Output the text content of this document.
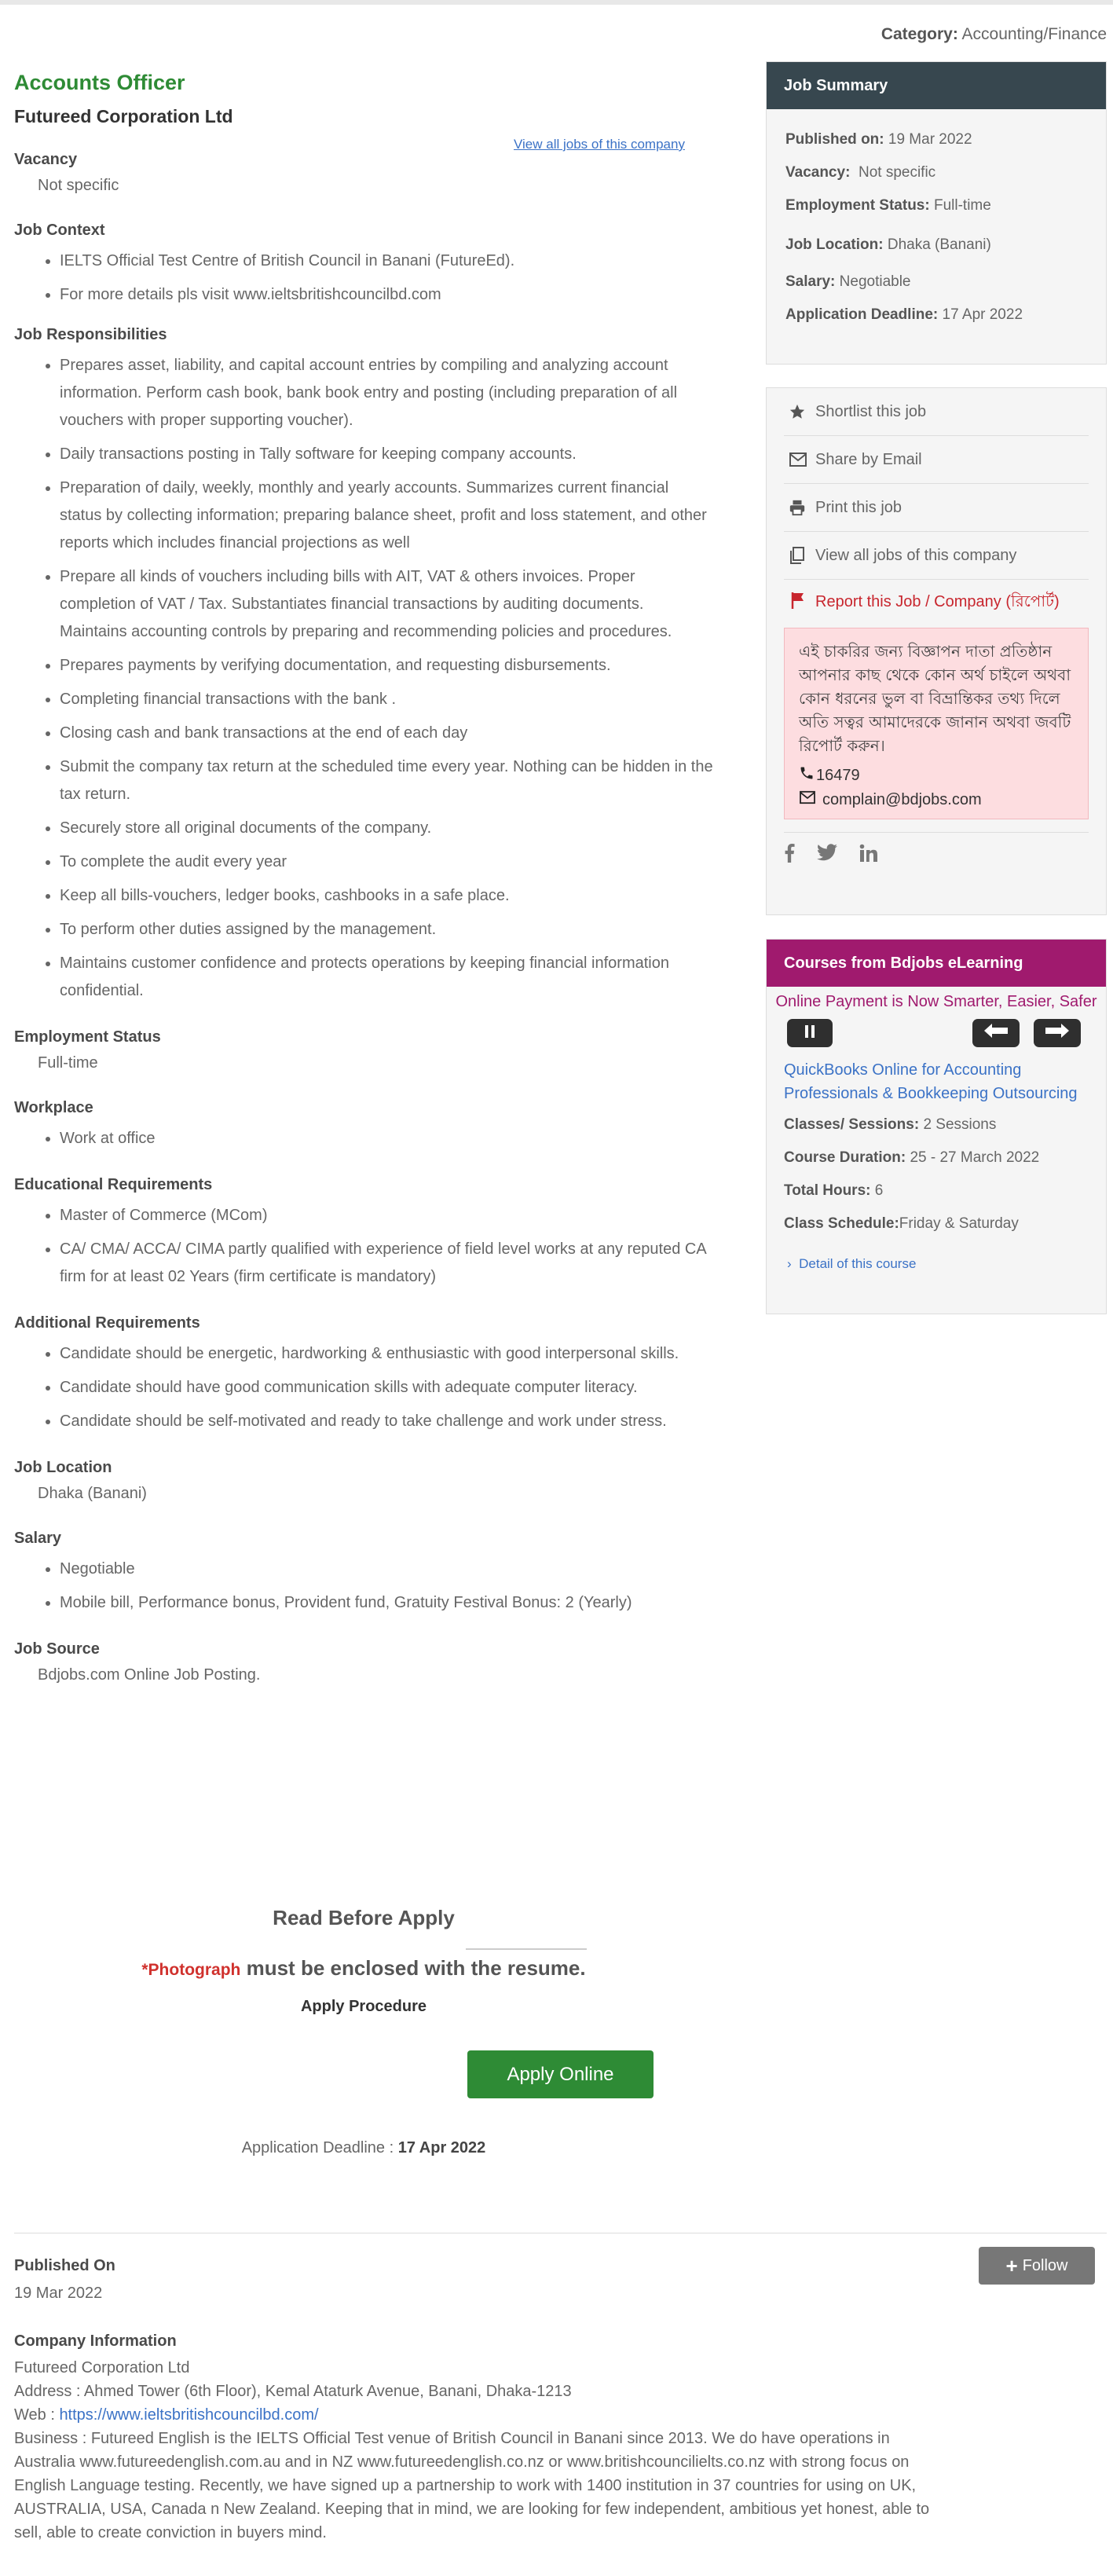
Category: Accounting/Finance
Accounts Officer
Futureed Corporation Ltd
View all jobs of this company
Vacancy
Not specific
Job Context
• IELTS Official Test Centre of British Council in Banani (FutureEd).
• For more details pls visit www.ieltsbritishcouncilbd.com
Job Responsibilities
• Prepares asset, liability, and capital account entries by compiling and analyzing account information. Perform cash book, bank book entry and posting (including preparation of all vouchers with proper supporting voucher).
• Daily transactions posting in Tally software for keeping company accounts.
• Preparation of daily, weekly, monthly and yearly accounts. Summarizes current financial status by collecting information; preparing balance sheet, profit and loss statement, and other reports which includes financial projections as well
• Prepare all kinds of vouchers including bills with AIT, VAT & others invoices. Proper completion of VAT / Tax. Substantiates financial transactions by auditing documents. Maintains accounting controls by preparing and recommending policies and procedures.
• Prepares payments by verifying documentation, and requesting disbursements.
• Completing financial transactions with the bank .
• Closing cash and bank transactions at the end of each day
• Submit the company tax return at the scheduled time every year. Nothing can be hidden in the tax return.
• Securely store all original documents of the company.
• To complete the audit every year
• Keep all bills-vouchers, ledger books, cashbooks in a safe place.
• To perform other duties assigned by the management.
• Maintains customer confidence and protects operations by keeping financial information confidential.
Employment Status
Full-time
Workplace
• Work at office
Educational Requirements
• Master of Commerce (MCom)
• CA/ CMA/ ACCA/ CIMA partly qualified with experience of field level works at any reputed CA firm for at least 02 Years (firm certificate is mandatory)
Additional Requirements
• Candidate should be energetic, hardworking & enthusiastic with good interpersonal skills.
• Candidate should have good communication skills with adequate computer literacy.
• Candidate should be self-motivated and ready to take challenge and work under stress.
Job Location
Dhaka (Banani)
Salary
• Negotiable
• Mobile bill, Performance bonus, Provident fund, Gratuity Festival Bonus: 2 (Yearly)
Job Source
Bdjobs.com Online Job Posting.
Job Summary
Published on: 19 Mar 2022
Vacancy: Not specific
Employment Status: Full-time
Job Location: Dhaka (Banani)
Salary: Negotiable
Application Deadline: 17 Apr 2022
Shortlist this job
Share by Email
Print this job
View all jobs of this company
Report this Job / Company (রিপোর্ট)

এই চাকরির জন্য বিজ্ঞাপন দাতা প্রতিষ্ঠান আপনার কাছ থেকে কোন অর্থ চাইলে অথবা কোন ধরনের ভুল বা বিভ্রান্তিকর তথ্য দিলে অতি সত্বর আমাদেরকে জানান অথবা জবটি রিপোর্ট করুন।

16479
complain@bdjobs.com
Courses from Bdjobs eLearning
Online Payment is Now Smarter, Easier, Safer
QuickBooks Online for Accounting Professionals & Bookkeeping Outsourcing
Classes/ Sessions: 2 Sessions
Course Duration: 25 - 27 March 2022
Total Hours: 6
Class Schedule:Friday & Saturday
› Detail of this course
Read Before Apply
*Photograph must be enclosed with the resume.
Apply Procedure
Apply Online
Application Deadline : 17 Apr 2022
+ Follow
Published On
19 Mar 2022
Company Information
Futureed Corporation Ltd
Address : Ahmed Tower (6th Floor), Kemal Ataturk Avenue, Banani, Dhaka-1213
Web : https://www.ieltsbritishcouncilbd.com/
Business : Futureed English is the IELTS Official Test venue of British Council in Banani since 2013. We do have operations in Australia www.futureedenglish.com.au and in NZ www.futureedenglish.co.nz or www.britishcouncilielts.co.nz with strong focus on English Language testing. Recently, we have signed up a partnership to work with 1400 institution in 37 countries for using on UK, AUSTRALIA, USA, Canada n New Zealand. Keeping that in mind, we are looking for few independent, ambitious yet honest, able to sell, able to create conviction in buyers mind.
